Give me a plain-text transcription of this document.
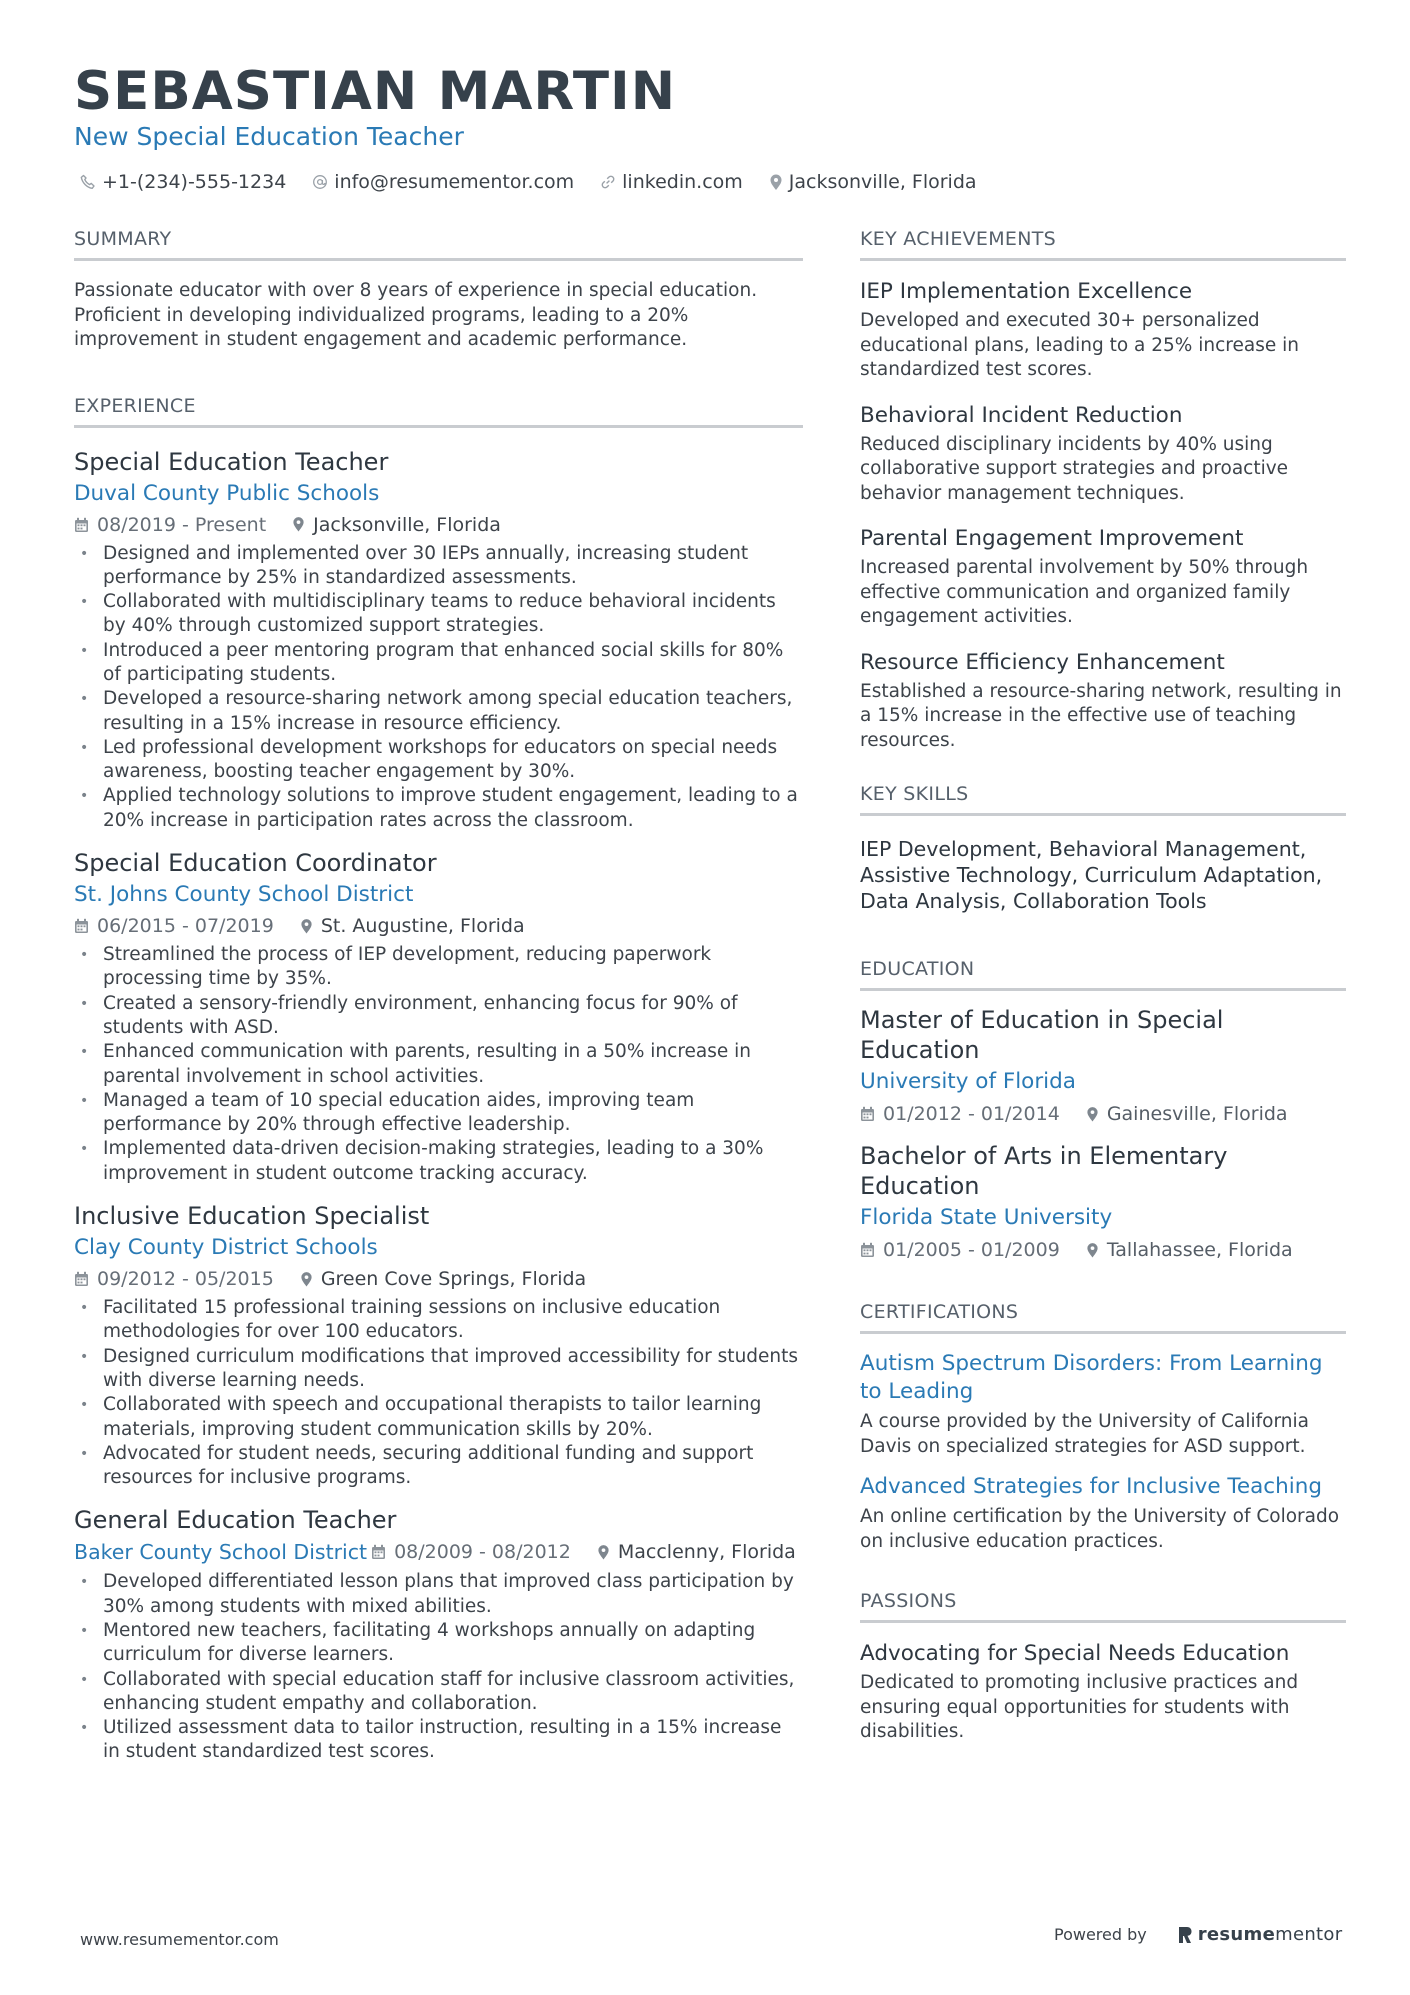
SEBASTIAN MARTIN
New Special Education Teacher
+1-(234)-555-1234	info@resumementor.com	linkedin.com Jacksonville, Florida
SUMMARY
Passionate educator with over 8 years of experience in special education. Proficient in developing individualized programs, leading to a 20% improvement in student engagement and academic performance.
EXPERIENCE
Special Education Teacher
Duval County Public Schools
08/2019 - Present Jacksonville, Florida
• Designed and implemented over 30 IEPs annually, increasing student performance by 25% in standardized assessments.
• Collaborated with multidisciplinary teams to reduce behavioral incidents by 40% through customized support strategies.
• Introduced a peer mentoring program that enhanced social skills for 80% of participating students.
• Developed a resource-sharing network among special education teachers, resulting in a 15% increase in resource efficiency.
• Led professional development workshops for educators on special needs awareness, boosting teacher engagement by 30%.
• Applied technology solutions to improve student engagement, leading to a 20% increase in participation rates across the classroom.
Special Education Coordinator
St. Johns County School District
06/2015 - 07/2019 St. Augustine, Florida
• Streamlined the process of IEP development, reducing paperwork processing time by 35%.
• Created a sensory-friendly environment, enhancing focus for 90% of students with ASD.
• Enhanced communication with parents, resulting in a 50% increase in parental involvement in school activities.
• Managed a team of 10 special education aides, improving team performance by 20% through effective leadership.
• Implemented data-driven decision-making strategies, leading to a 30% improvement in student outcome tracking accuracy.
Inclusive Education Specialist
Clay County District Schools
09/2012 - 05/2015 Green Cove Springs, Florida
• Facilitated 15 professional training sessions on inclusive education methodologies for over 100 educators.
• Designed curriculum modifications that improved accessibility for students with diverse learning needs.
• Collaborated with speech and occupational therapists to tailor learning materials, improving student communication skills by 20%.
• Advocated for student needs, securing additional funding and support resources for inclusive programs.
General Education Teacher
Baker County School District 08/2009 - 08/2012 Macclenny, Florida
• Developed differentiated lesson plans that improved class participation by 30% among students with mixed abilities.
• Mentored new teachers, facilitating 4 workshops annually on adapting curriculum for diverse learners.
• Collaborated with special education staff for inclusive classroom activities, enhancing student empathy and collaboration.
• Utilized assessment data to tailor instruction, resulting in a 15% increase in student standardized test scores.
KEY ACHIEVEMENTS
IEP Implementation Excellence
Developed and executed 30+ personalized educational plans, leading to a 25% increase in standardized test scores.
Behavioral Incident Reduction
Reduced disciplinary incidents by 40% using collaborative support strategies and proactive behavior management techniques.
Parental Engagement Improvement
Increased parental involvement by 50% through effective communication and organized family engagement activities.
Resource Efficiency Enhancement
Established a resource-sharing network, resulting in a 15% increase in the effective use of teaching resources.
KEY SKILLS
IEP Development, Behavioral Management, Assistive Technology, Curriculum Adaptation, Data Analysis, Collaboration Tools
EDUCATION
Master of Education in Special Education
University of Florida
01/2012 - 01/2014 Gainesville, Florida
Bachelor of Arts in Elementary Education
Florida State University
01/2005 - 01/2009 Tallahassee, Florida
CERTIFICATIONS
Autism Spectrum Disorders: From Learning to Leading
A course provided by the University of California Davis on specialized strategies for ASD support.
Advanced Strategies for Inclusive Teaching
An online certification by the University of Colorado on inclusive education practices.
PASSIONS
Advocating for Special Needs Education
Dedicated to promoting inclusive practices and ensuring equal opportunities for students with disabilities.
www.resumementor.com	Powered by	resume mentor
